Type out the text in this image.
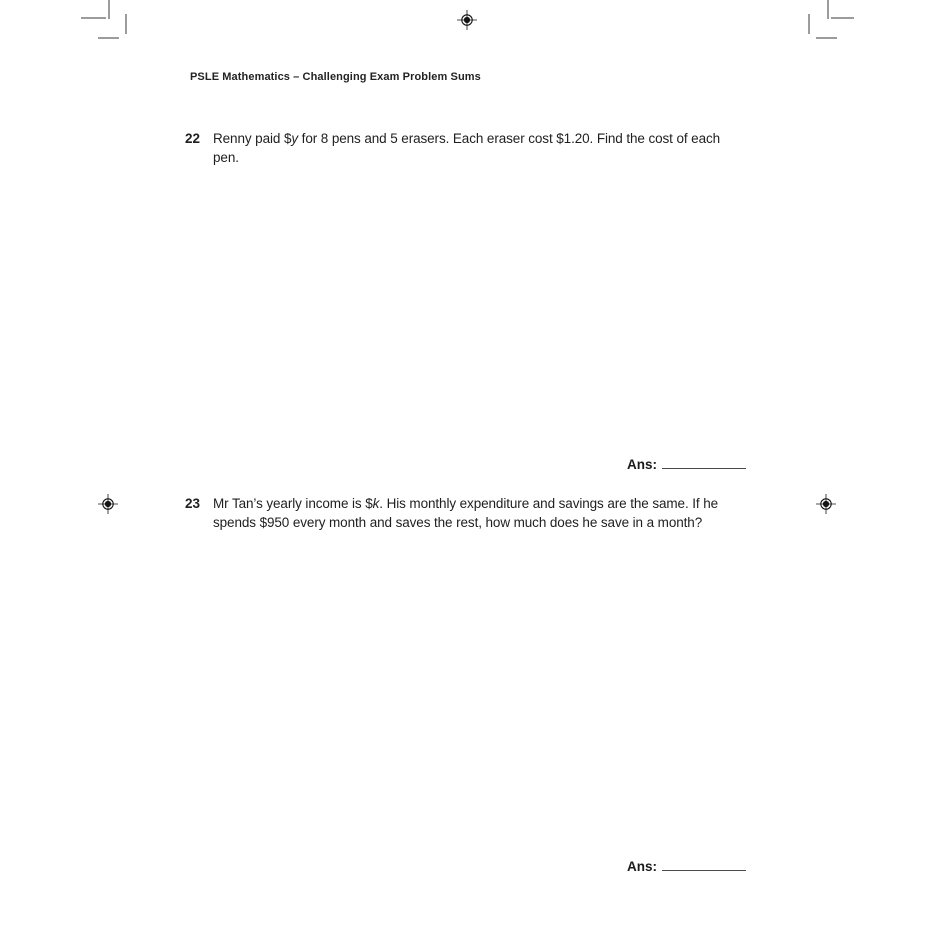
PSLE Mathematics – Challenging Exam Problem Sums
22 Renny paid $y for 8 pens and 5 erasers. Each eraser cost $1.20. Find the cost of each pen.
Ans:
23 Mr Tan’s yearly income is $k. His monthly expenditure and savings are the same. If he spends $950 every month and saves the rest, how much does he save in a month?
Ans:
